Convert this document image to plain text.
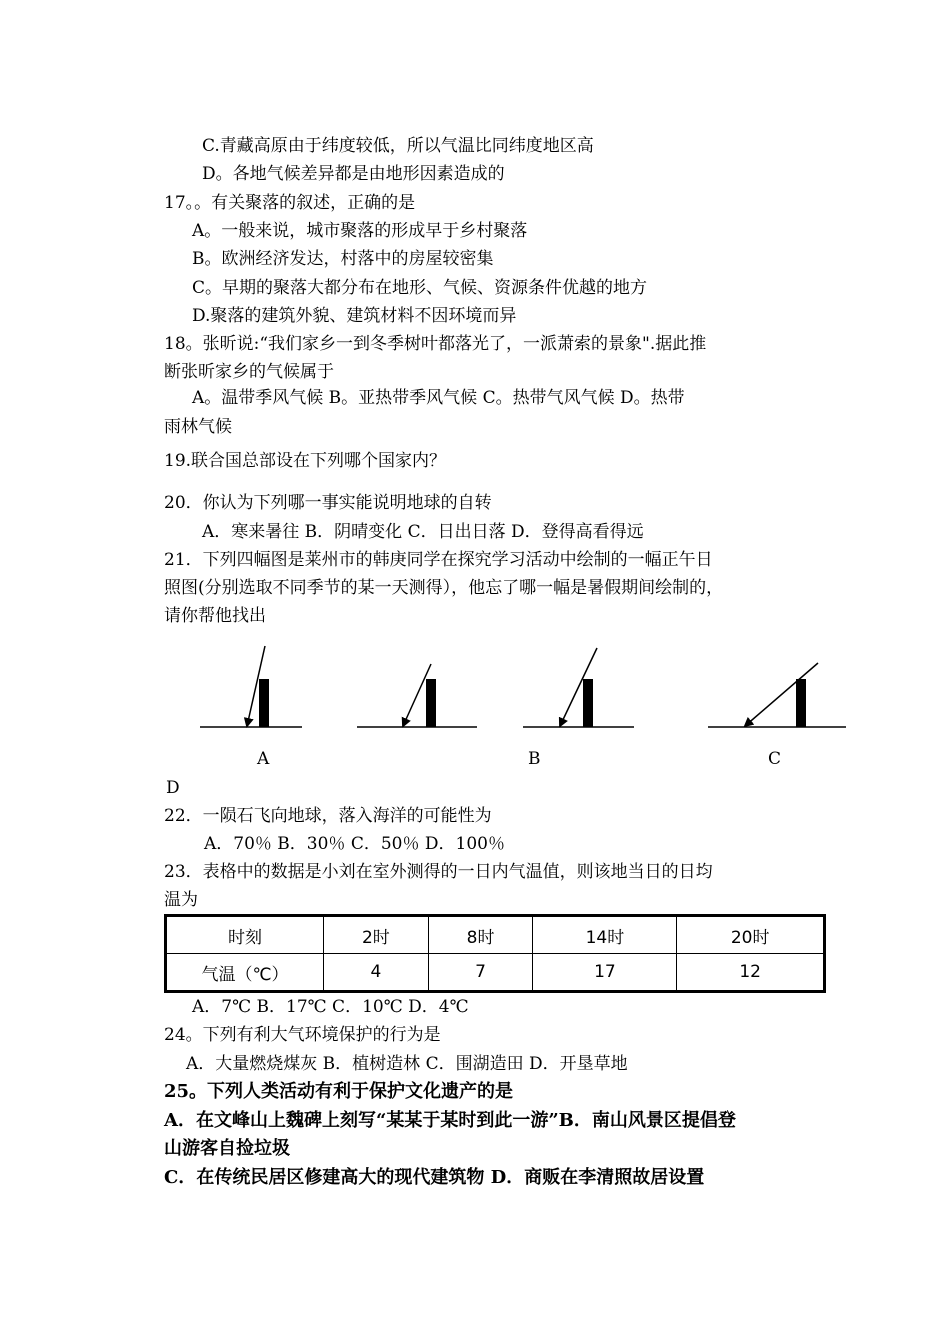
C.青藏高原由于纬度较低，所以气温比同纬度地区高
D。各地气候差异都是由地形因素造成的
17。。有关聚落的叙述，正确的是
A。一般来说，城市聚落的形成早于乡村聚落
B。欧洲经济发达，村落中的房屋较密集
C。早期的聚落大都分布在地形、气候、资源条件优越的地方
D.聚落的建筑外貌、建筑材料不因环境而异
18。张昕说:“我们家乡一到冬季树叶都落光了，一派萧索的景象".据此推
断张昕家乡的气候属于
A。温带季风气候 B。亚热带季风气候 C。热带气风气候 D。热带
雨林气候
19.联合国总部设在下列哪个国家内？
20．你认为下列哪一事实能说明地球的自转
A．寒来暑往 B．阴晴变化 C．日出日落 D．登得高看得远
21．下列四幅图是莱州市的韩庚同学在探究学习活动中绘制的一幅正午日
照图(分别选取不同季节的某一天测得），他忘了哪一幅是暑假期间绘制的，
请你帮他找出
A	B	C
D
22．一陨石飞向地球，落入海洋的可能性为
A．70％ B．30％ C．50％ D．100％
23．表格中的数据是小刘在室外测得的一日内气温值，则该地当日的日均
温为
时刻	2时	8时	14时	20时
气温（℃）	4	7	17	12
A．7℃ B．17℃ C．10℃ D．4℃
24。下列有利大气环境保护的行为是
A．大量燃烧煤灰 B．植树造林 C．围湖造田 D．开垦草地
25。下列人类活动有利于保护文化遗产的是
A．在文峰山上魏碑上刻写“某某于某时到此一游”B．南山风景区提倡登
山游客自捡垃圾
C．在传统民居区修建高大的现代建筑物 D．商贩在李清照故居设置
